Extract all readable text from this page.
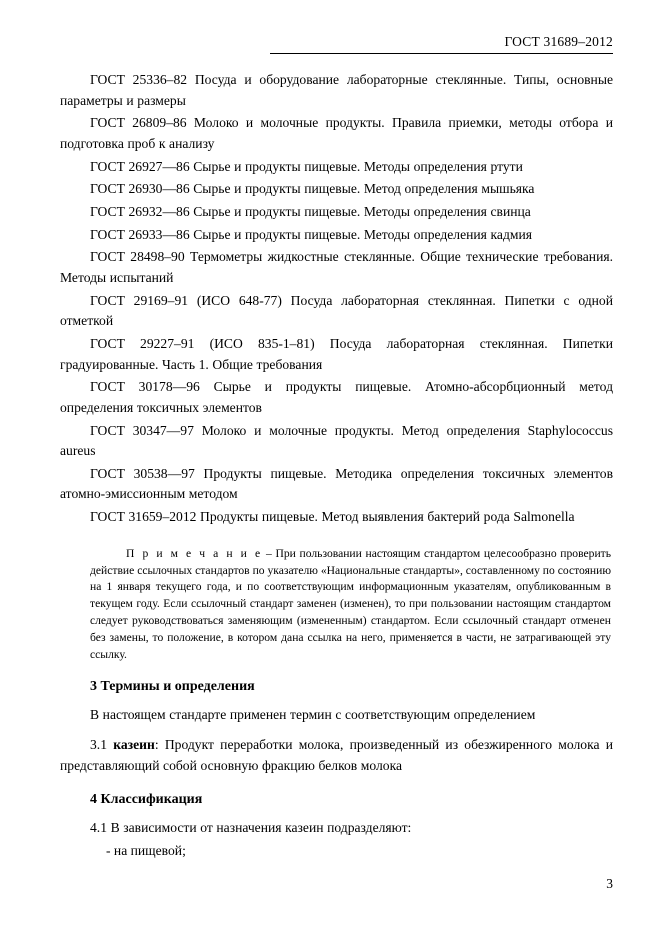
ГОСТ 31689–2012

ГОСТ 25336–82 Посуда и оборудование лабораторные стеклянные. Типы, основные параметры и размеры

ГОСТ 26809–86 Молоко и молочные продукты. Правила приемки, методы отбора и подготовка проб к анализу

ГОСТ 26927—86 Сырье и продукты пищевые. Методы определения ртути

ГОСТ 26930—86 Сырье и продукты пищевые. Метод определения мышьяка

ГОСТ 26932—86 Сырье и продукты пищевые. Методы определения свинца

ГОСТ 26933—86 Сырье и продукты пищевые. Методы определения кадмия

ГОСТ 28498–90 Термометры жидкостные стеклянные. Общие технические требования. Методы испытаний

ГОСТ 29169–91 (ИСО 648-77) Посуда лабораторная стеклянная. Пипетки с одной отметкой

ГОСТ 29227–91 (ИСО 835-1–81) Посуда лабораторная стеклянная. Пипетки градуированные. Часть 1. Общие требования

ГОСТ 30178—96 Сырье и продукты пищевые. Атомно-абсорбционный метод определения токсичных элементов

ГОСТ 30347—97 Молоко и молочные продукты. Метод определения Staphylococcus aureus

ГОСТ 30538—97 Продукты пищевые. Методика определения токсичных элементов атомно-эмиссионным методом

ГОСТ 31659–2012 Продукты пищевые. Метод выявления бактерий рода Salmonella

П р и м е ч а н и е – При пользовании настоящим стандартом целесообразно проверить действие ссылочных стандартов по указателю «Национальные стандарты», составленному по состоянию на 1 января текущего года, и по соответствующим информационным указателям, опубликованным в текущем году. Если ссылочный стандарт заменен (изменен), то при пользовании настоящим стандартом следует руководствоваться заменяющим (измененным) стандартом. Если ссылочный стандарт отменен без замены, то положение, в котором дана ссылка на него, применяется в части, не затрагивающей эту ссылку.
3 Термины и определения

В настоящем стандарте применен термин с соответствующим определением

3.1 казеин: Продукт переработки молока, произведенный из обезжиренного молока и представляющий собой основную фракцию белков молока

4 Классификация

4.1 В зависимости от назначения казеин подразделяют:

- на пищевой;

3
